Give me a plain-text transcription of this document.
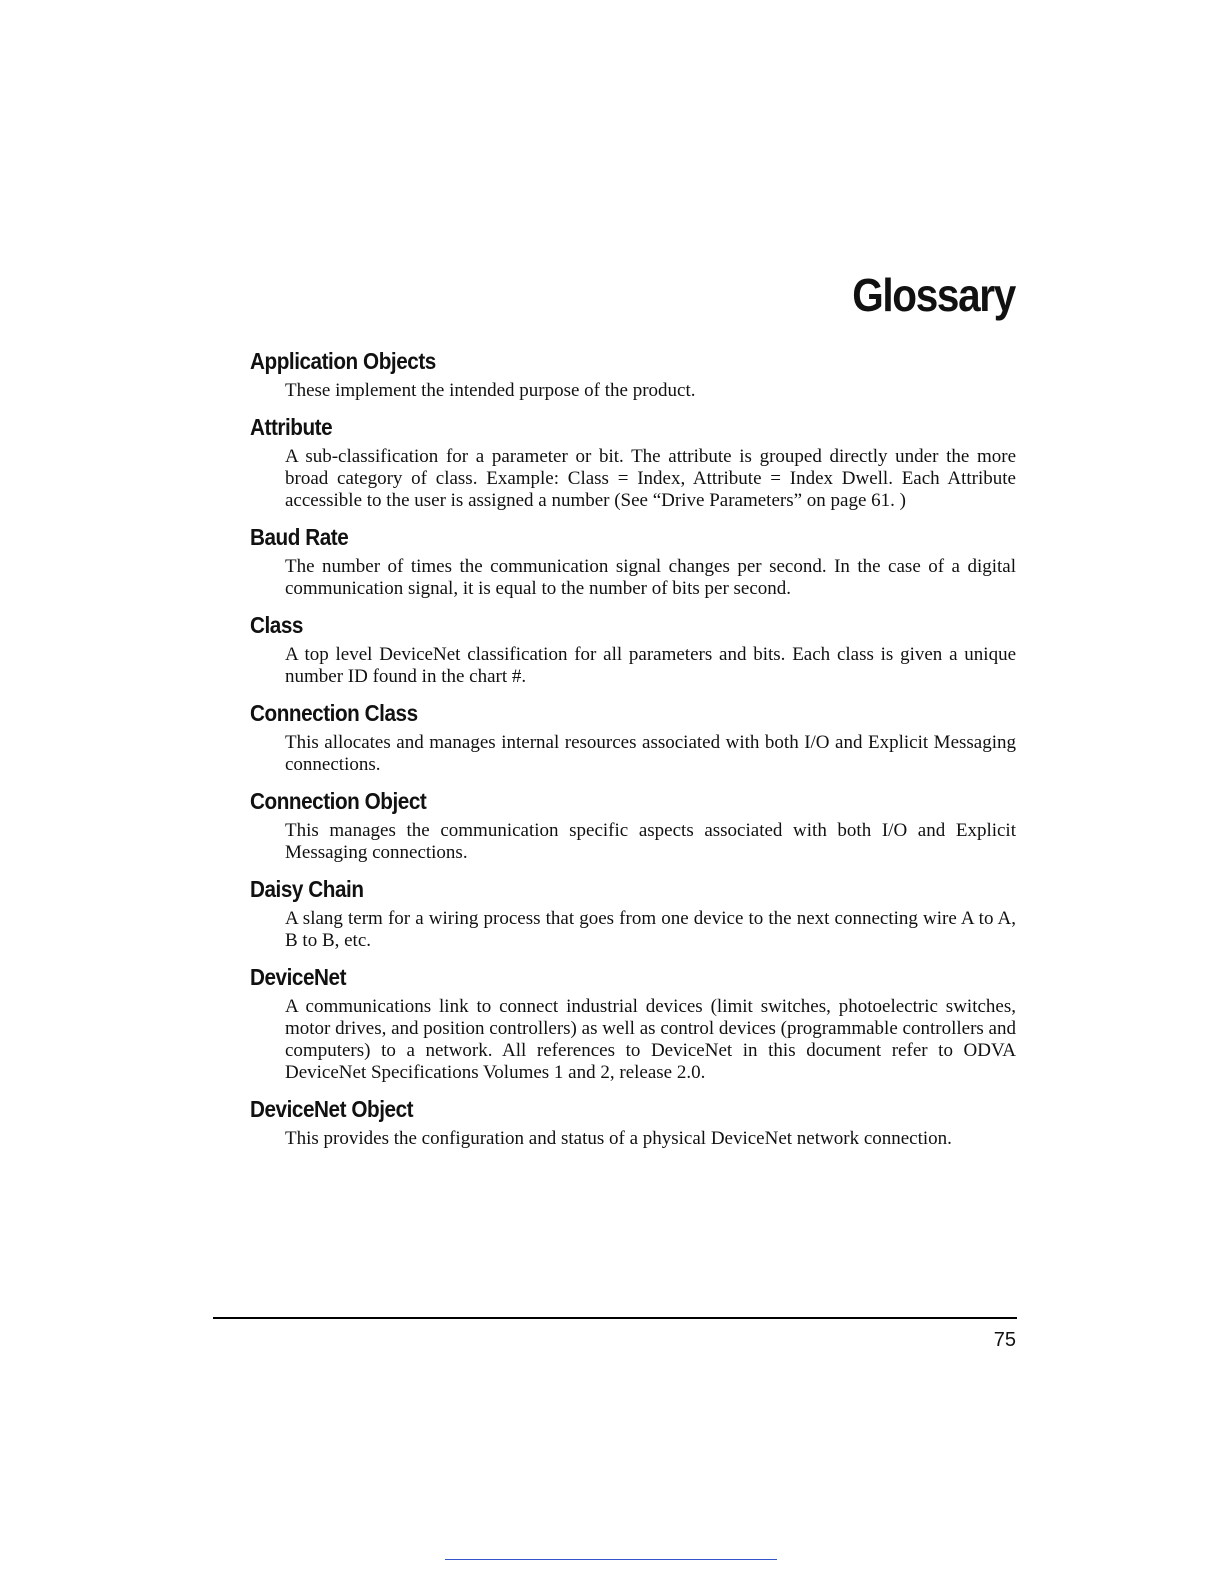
Glossary
Application Objects

These implement the intended purpose of the product.

Attribute

A sub-classification for a parameter or bit. The attribute is grouped directly under the more broad category of class. Example: Class = Index, Attribute = Index Dwell. Each Attribute accessible to the user is assigned a number (See “Drive Parameters” on page 61. )

Baud Rate

The number of times the communication signal changes per second. In the case of a digital communication signal, it is equal to the number of bits per second.

Class

A top level DeviceNet classification for all parameters and bits. Each class is given a unique number ID found in the chart #.

Connection Class

This allocates and manages internal resources associated with both I/O and Explicit Messaging connections.

Connection Object

This manages the communication specific aspects associated with both I/O and Explicit Messaging connections.

Daisy Chain

A slang term for a wiring process that goes from one device to the next connecting wire A to A, B to B, etc.

DeviceNet

A communications link to connect industrial devices (limit switches, photoelectric switches, motor drives, and position controllers) as well as control devices (programmable controllers and computers) to a network. All references to DeviceNet in this document refer to ODVA DeviceNet Specifications Volumes 1 and 2, release 2.0.

DeviceNet Object

This provides the configuration and status of a physical DeviceNet network connection.

75
